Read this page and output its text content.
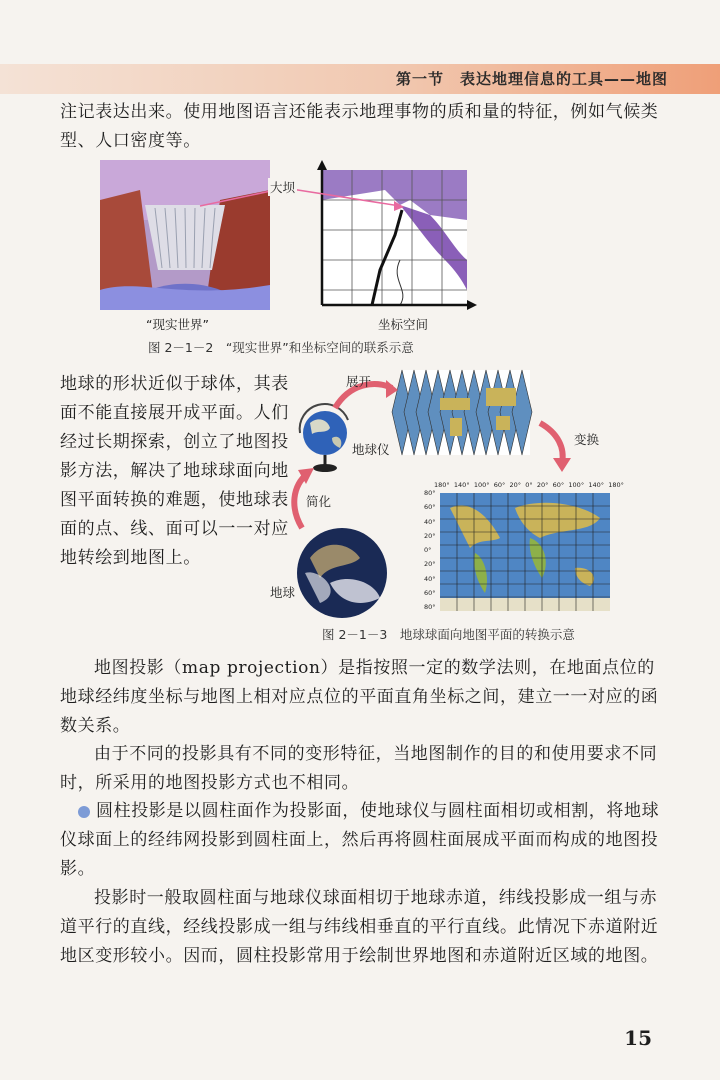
第一节　表达地理信息的工具——地图

注记表达出来。使用地图语言还能表示地理事物的质和量的特征，例如气候类型、人口密度等。

大坝
“现实世界”	坐标空间
图 2－1－2　“现实世界”和坐标空间的联系示意

地球的形状近似于球体，其表面不能直接展开成平面。人们经过长期探索，创立了地图投影方法，解决了地球球面向地图平面转换的难题，使地球表面的点、线、面可以一一对应地转绘到地图上。

展开
变换
地球仪
简化
地球
180° 140° 100° 60° 20° 0° 20° 60° 100° 140° 180°
80°
60°
40°
20°
0°
20°
40°
60°
80°
图 2－1－3　地球球面向地图平面的转换示意

地图投影（map projection）是指按照一定的数学法则，在地面点位的地球经纬度坐标与地图上相对应点位的平面直角坐标之间，建立一一对应的函数关系。

由于不同的投影具有不同的变形特征，当地图制作的目的和使用要求不同时，所采用的地图投影方式也不相同。

圆柱投影是以圆柱面作为投影面，使地球仪与圆柱面相切或相割，将地球仪球面上的经纬网投影到圆柱面上，然后再将圆柱面展成平面而构成的地图投影。

投影时一般取圆柱面与地球仪球面相切于地球赤道，纬线投影成一组与赤道平行的直线，经线投影成一组与纬线相垂直的平行直线。此情况下赤道附近地区变形较小。因而，圆柱投影常用于绘制世界地图和赤道附近区域的地图。

15
